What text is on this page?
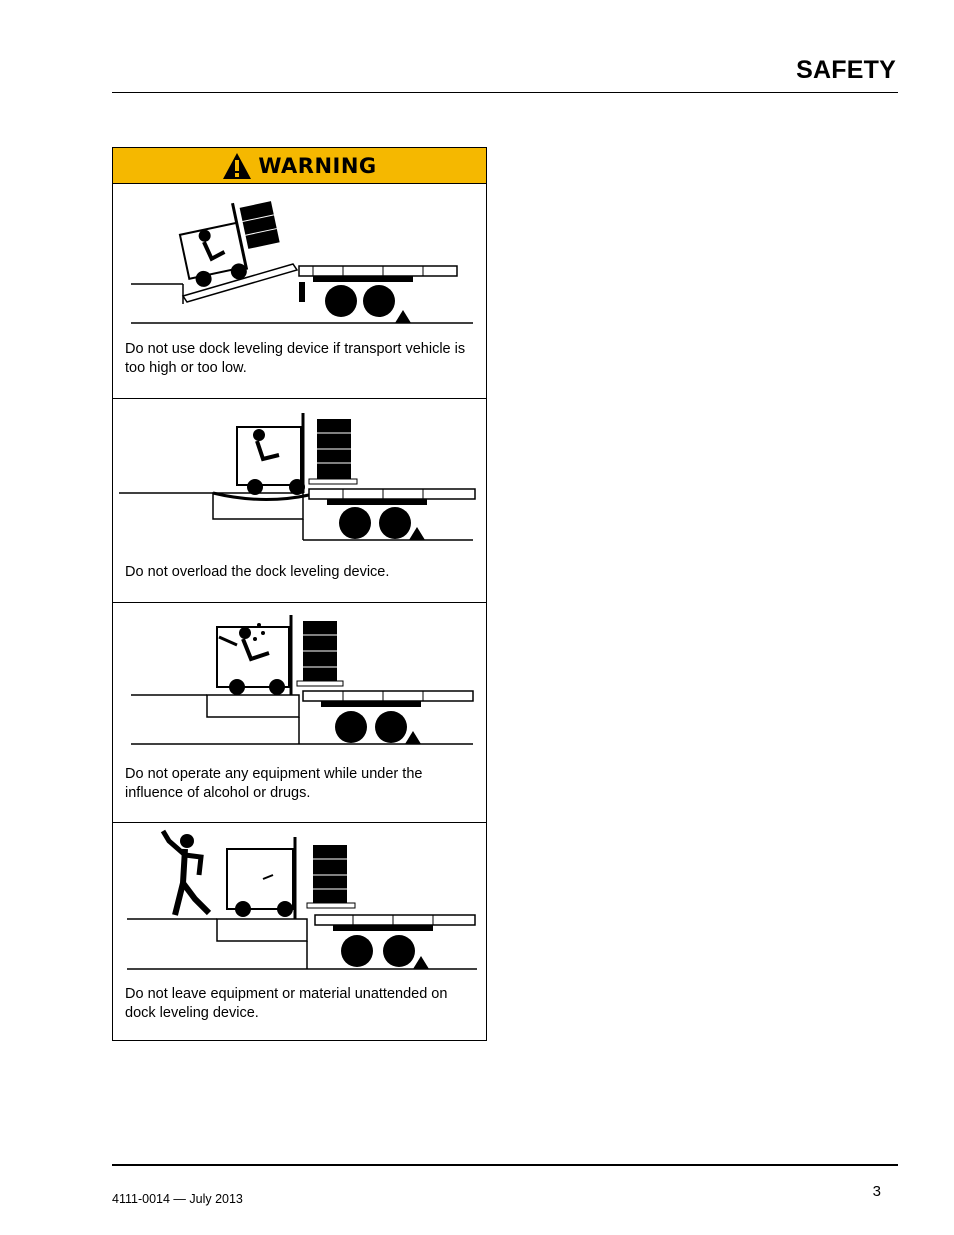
SAFETY
WARNING
Do not use dock leveling device if transport vehicle is too high or too low.
Do not overload the dock leveling device.
Do not operate any equipment while under the influence of alcohol or drugs.
Do not leave equipment or material unattended on dock leveling device.
4111-0014 — July 2013	3
